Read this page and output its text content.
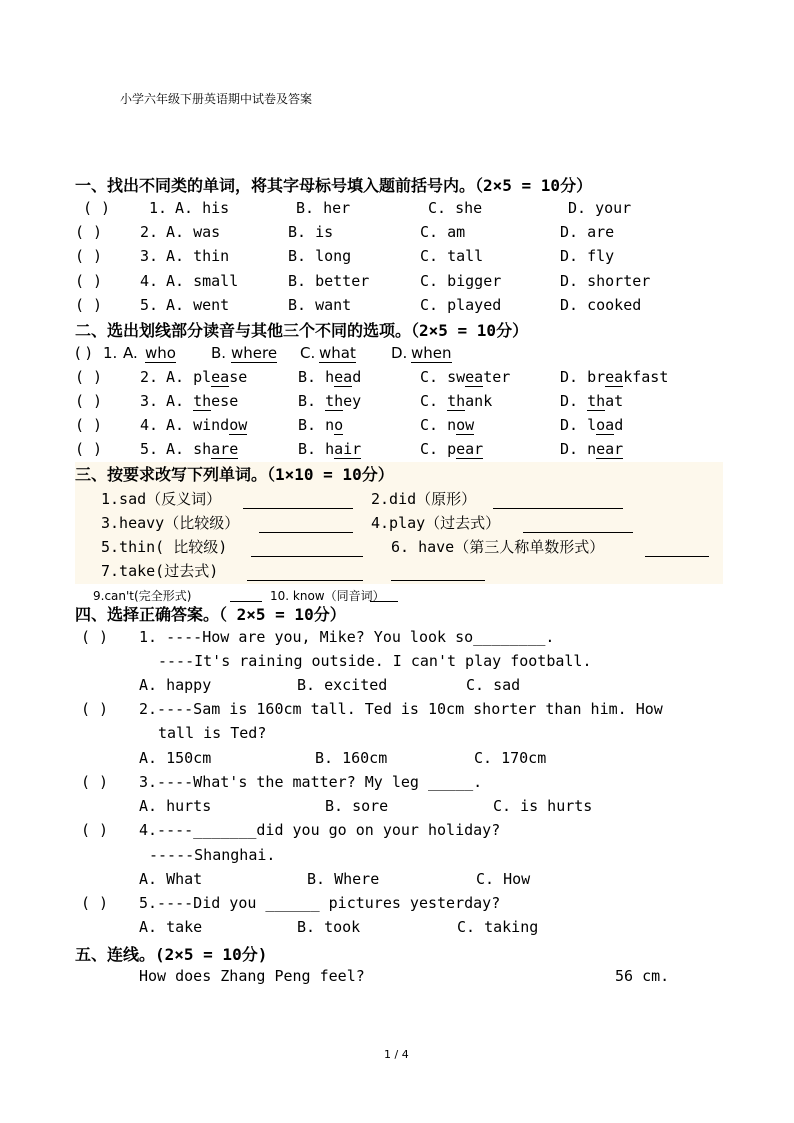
小学六年级下册英语期中试卷及答案
一、找出不同类的单词，将其字母标号填入题前括号内。（2×5 = 10分）
( )	1. A. his	B. her	C. she	D. your
( )	2. A. was	B. is	C. am	D. are
( )	3. A. thin	B. long	C. tall	D. fly
( )	4. A. small	B. better	C. bigger	D. shorter
( )	5. A. went	B. want	C. played	D. cooked
二、选出划线部分读音与其他三个不同的选项。（2×5 = 10分）
( ) 1. A. who B. where C. what D. when
( )	2. A. please	B. head	C. sweater	D. breakfast
( )	3. A. these	B. they	C. thank	D. that
( )	4. A. window	B. no	C. now	D. load
( )	5. A. share	B. hair	C. pear	D. near
三、按要求改写下列单词。（1×10 = 10分）
1.sad（反义词）	2.did（原形）
3.heavy（比较级）	4.play（过去式）
5.thin( 比较级)	6. have（第三人称单数形式）
7.take(过去式)
9.can't(完全形式)	10. know（同音词）
四、选择正确答案。（ 2×5 = 10分）
( ) 1. ----How are you, Mike? You look so________.
----It's raining outside. I can't play football.
A. happy	B. excited	C. sad
( ) 2.----Sam is 160cm tall. Ted is 10cm shorter than him. How
tall is Ted?
A. 150cm	B. 160cm	C. 170cm
( ) 3.----What's the matter? My leg _____.
A. hurts	B. sore	C. is hurts
( ) 4.----_______did you go on your holiday?
-----Shanghai.
A. What	B. Where	C. How
( ) 5.----Did you ______ pictures yesterday?
A. take	B. took	C. taking
五、连线。(2×5 = 10分)
How does Zhang Peng feel?	56 cm.
1 / 4
